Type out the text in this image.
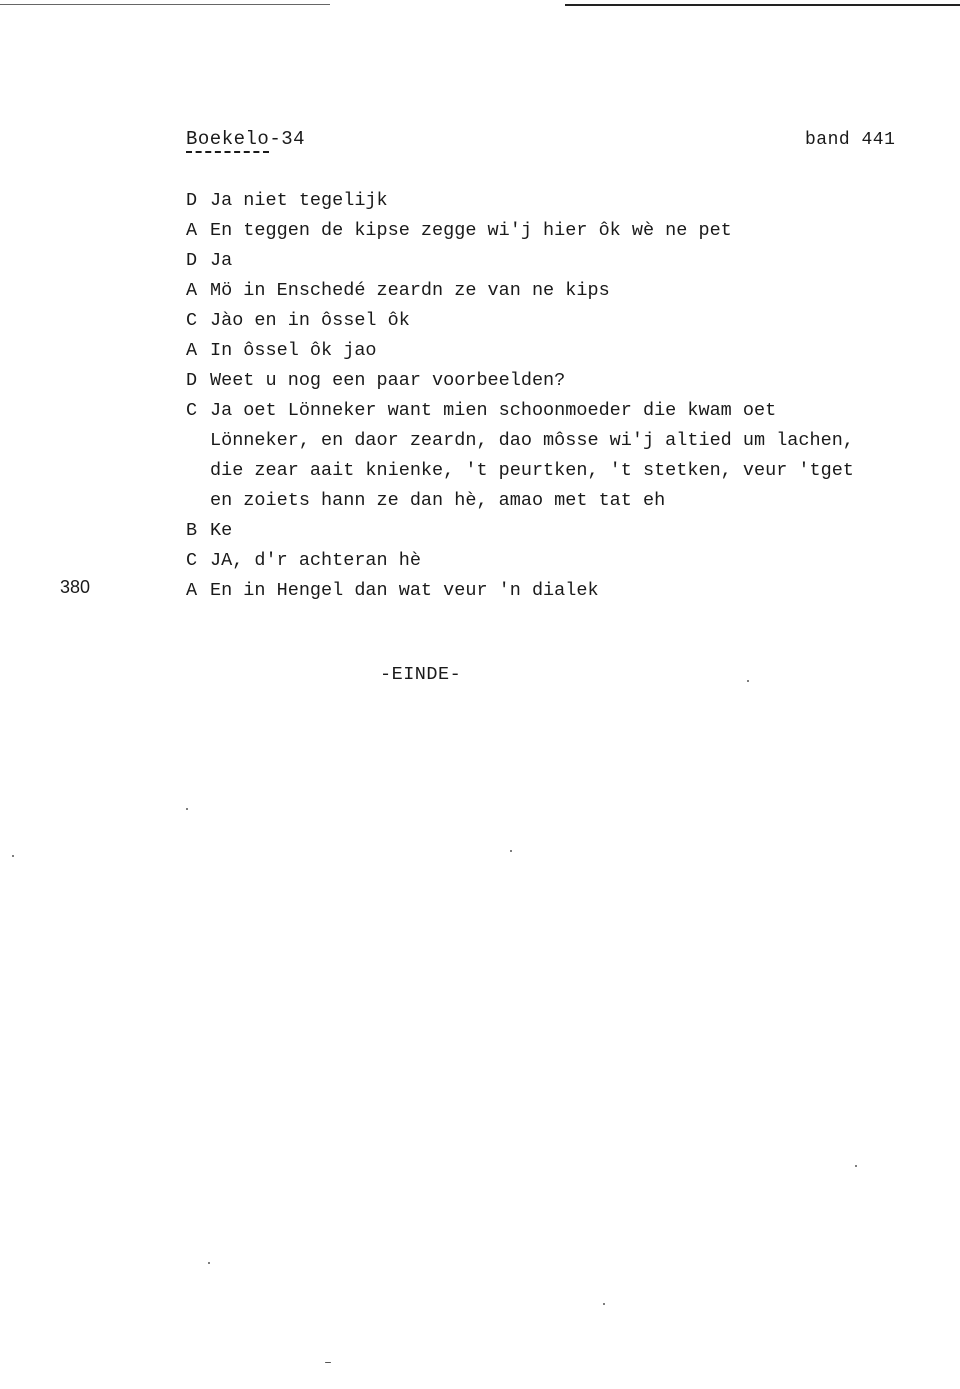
Boekelo-34	band 441
D Ja niet tegelijk
A En teggen de kipse zegge wi'j hier ôk wè ne pet
D Ja
A Mö in Enschedé zeardn ze van ne kips
C Jào en in ôssel ôk
A In ôssel ôk jao
D Weet u nog een paar voorbeelden?
C Ja oet Lönneker want mien schoonmoeder die kwam oet
Lönneker, en daor zeardn, dao môsse wi'j altied um lachen,
die zear aait knienke, 't peurtken, 't stetken, veur 'tget
en zoiets hann ze dan hè, amao met tat eh
B Ke
C JA, d'r achteran hè
A En in Hengel dan wat veur 'n dialek
380
-EINDE-
